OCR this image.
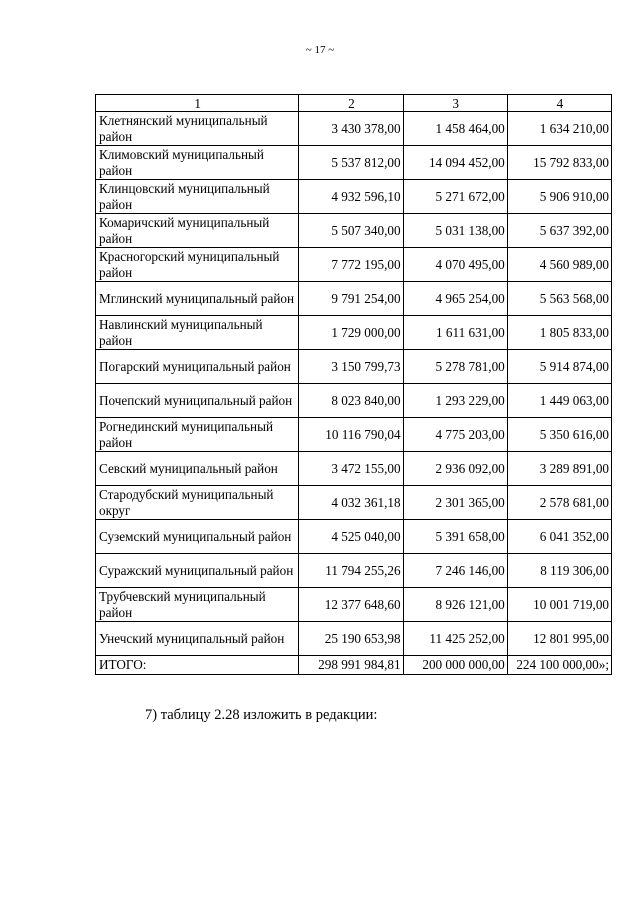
~ 17 ~
1	2	3	4
Клетнянский муниципальный район	3 430 378,00	1 458 464,00	1 634 210,00
Климовский муниципальный район	5 537 812,00	14 094 452,00	15 792 833,00
Клинцовский муниципальный район	4 932 596,10	5 271 672,00	5 906 910,00
Комаричский муниципальный район	5 507 340,00	5 031 138,00	5 637 392,00
Красногорский муниципальный район	7 772 195,00	4 070 495,00	4 560 989,00
Мглинский муниципальный район	9 791 254,00	4 965 254,00	5 563 568,00
Навлинский муниципальный район	1 729 000,00	1 611 631,00	1 805 833,00
Погарский муниципальный район	3 150 799,73	5 278 781,00	5 914 874,00
Почепский муниципальный район	8 023 840,00	1 293 229,00	1 449 063,00
Рогнединский муниципальный район	10 116 790,04	4 775 203,00	5 350 616,00
Севский муниципальный район	3 472 155,00	2 936 092,00	3 289 891,00
Стародубский муниципальный округ	4 032 361,18	2 301 365,00	2 578 681,00
Суземский муниципальный район	4 525 040,00	5 391 658,00	6 041 352,00
Суражский муниципальный район	11 794 255,26	7 246 146,00	8 119 306,00
Трубчевский муниципальный район	12 377 648,60	8 926 121,00	10 001 719,00
Унечский муниципальный район	25 190 653,98	11 425 252,00	12 801 995,00
ИТОГО:	298 991 984,81	200 000 000,00	224 100 000,00»;
7) таблицу 2.28 изложить в редакции:
